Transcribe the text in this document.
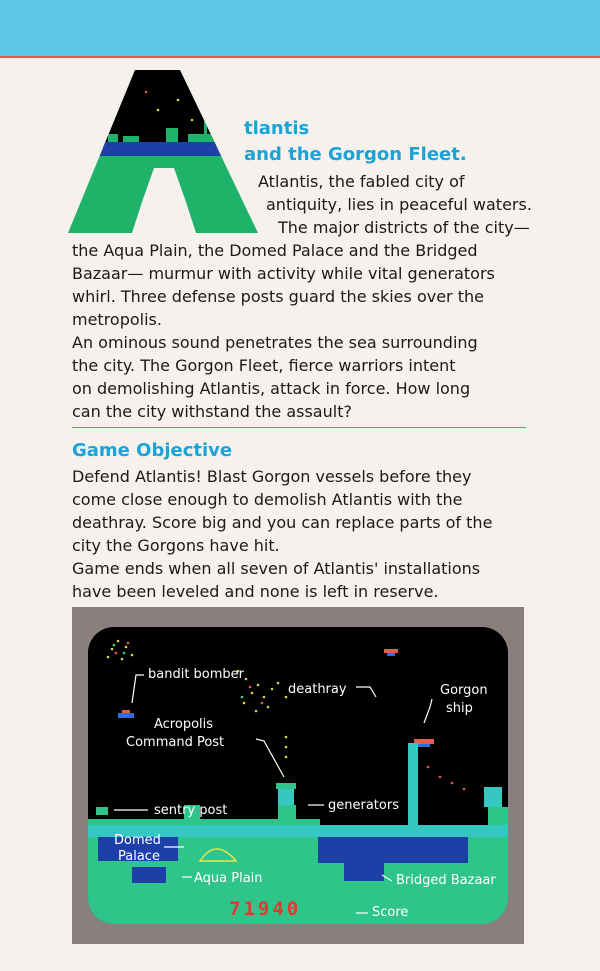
tlantis
and the Gorgon Fleet.
Atlantis, the fabled city of
antiquity, lies in peaceful waters.
The major districts of the city—
the Aqua Plain, the Domed Palace and the Bridged
Bazaar— murmur with activity while vital generators
whirl. Three defense posts guard the skies over the
metropolis.
An ominous sound penetrates the sea surrounding
the city. The Gorgon Fleet, fierce warriors intent
on demolishing Atlantis, attack in force. How long
can the city withstand the assault?
Game Objective
Defend Atlantis! Blast Gorgon vessels before they
come close enough to demolish Atlantis with the
deathray. Score big and you can replace parts of the
city the Gorgons have hit.
Game ends when all seven of Atlantis' installations
have been leveled and none is left in reserve.
bandit bomber
deathray	Gorgon
ship
Acropolis
Command Post
sentry post	generators
Domed
Palace
Aqua Plain	Bridged Bazaar
71940	Score
